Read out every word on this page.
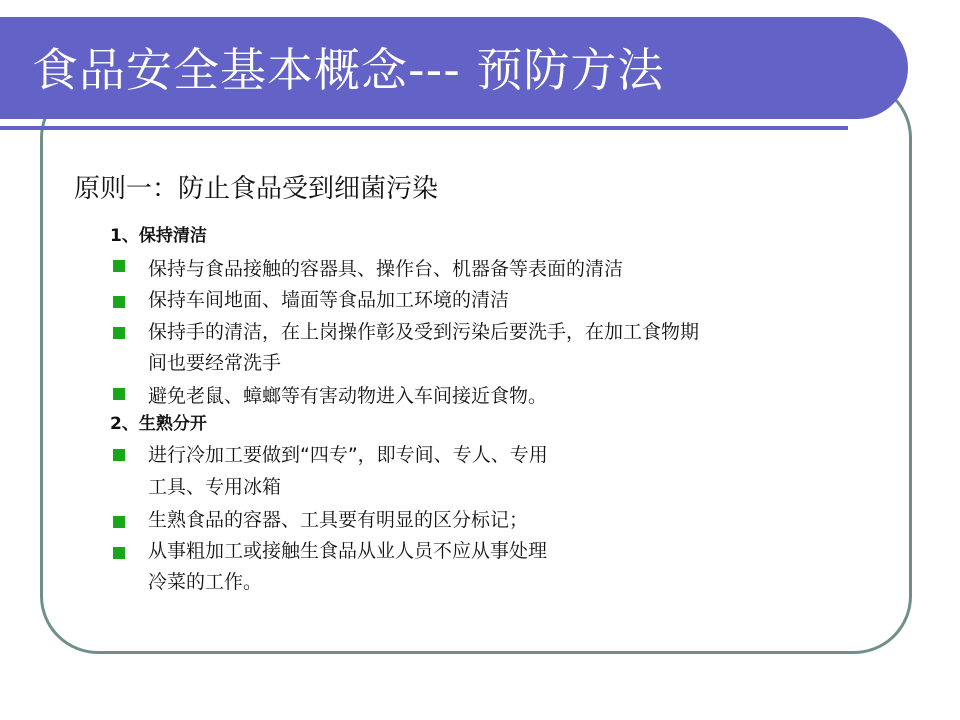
食品安全基本概念--- 预防方法
原则一：防止食品受到细菌污染
1、保持清洁
保持与食品接触的容器具、操作台、机器备等表面的清洁
保持车间地面、墙面等食品加工环境的清洁
保持手的清洁，在上岗操作彰及受到污染后要洗手，在加工食物期
间也要经常洗手
避免老鼠、蟑螂等有害动物进入车间接近食物。
2、生熟分开
进行冷加工要做到“四专”，即专间、专人、专用
工具、专用冰箱
生熟食品的容器、工具要有明显的区分标记；
从事粗加工或接触生食品从业人员不应从事处理
冷菜的工作。
